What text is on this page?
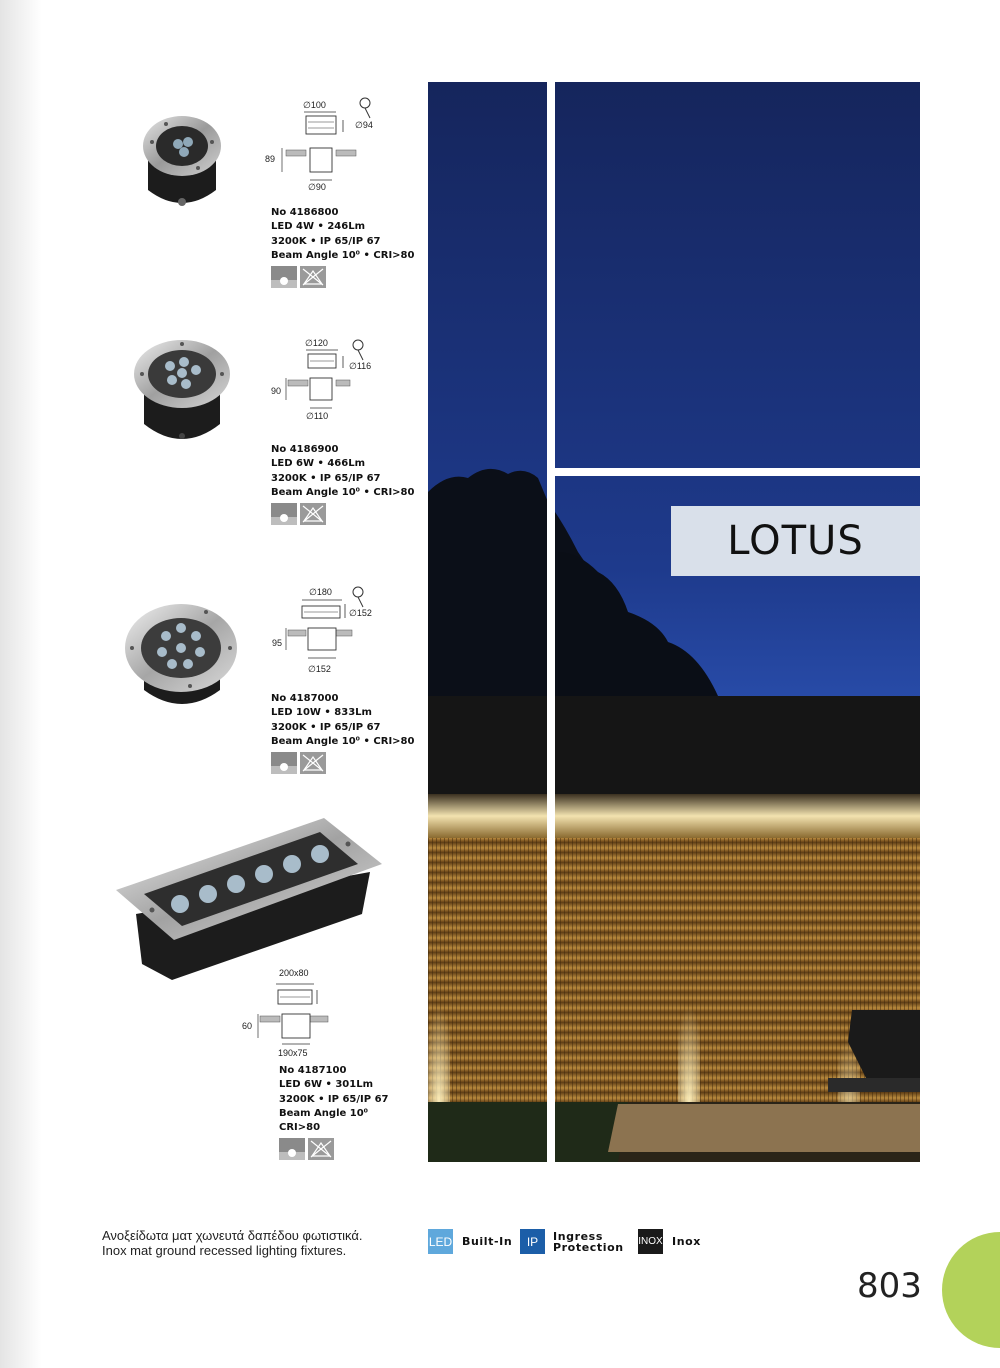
∅100
∅94
89
∅90
No 4186800
LED 4W • 246Lm
3200K • IP 65/IP 67
Beam Angle 10⁰ • CRI>80
∅120
∅116
90
∅110
No 4186900
LED 6W • 466Lm
3200K • IP 65/IP 67
Beam Angle 10⁰ • CRI>80
∅180
∅152
95
∅152
No 4187000
LED 10W • 833Lm
3200K • IP 65/IP 67
Beam Angle 10⁰ • CRI>80
200x80
60
190x75
No 4187100
LED 6W • 301Lm
3200K • IP 65/IP 67
Beam Angle 10⁰
CRI>80
LOTUS
Ανοξείδωτα ματ χωνευτά δαπέδου φωτιστικά.
Inox mat ground recessed lighting fixtures.
LED Built-In	IP	Ingress
Protection INOX Inox
803
